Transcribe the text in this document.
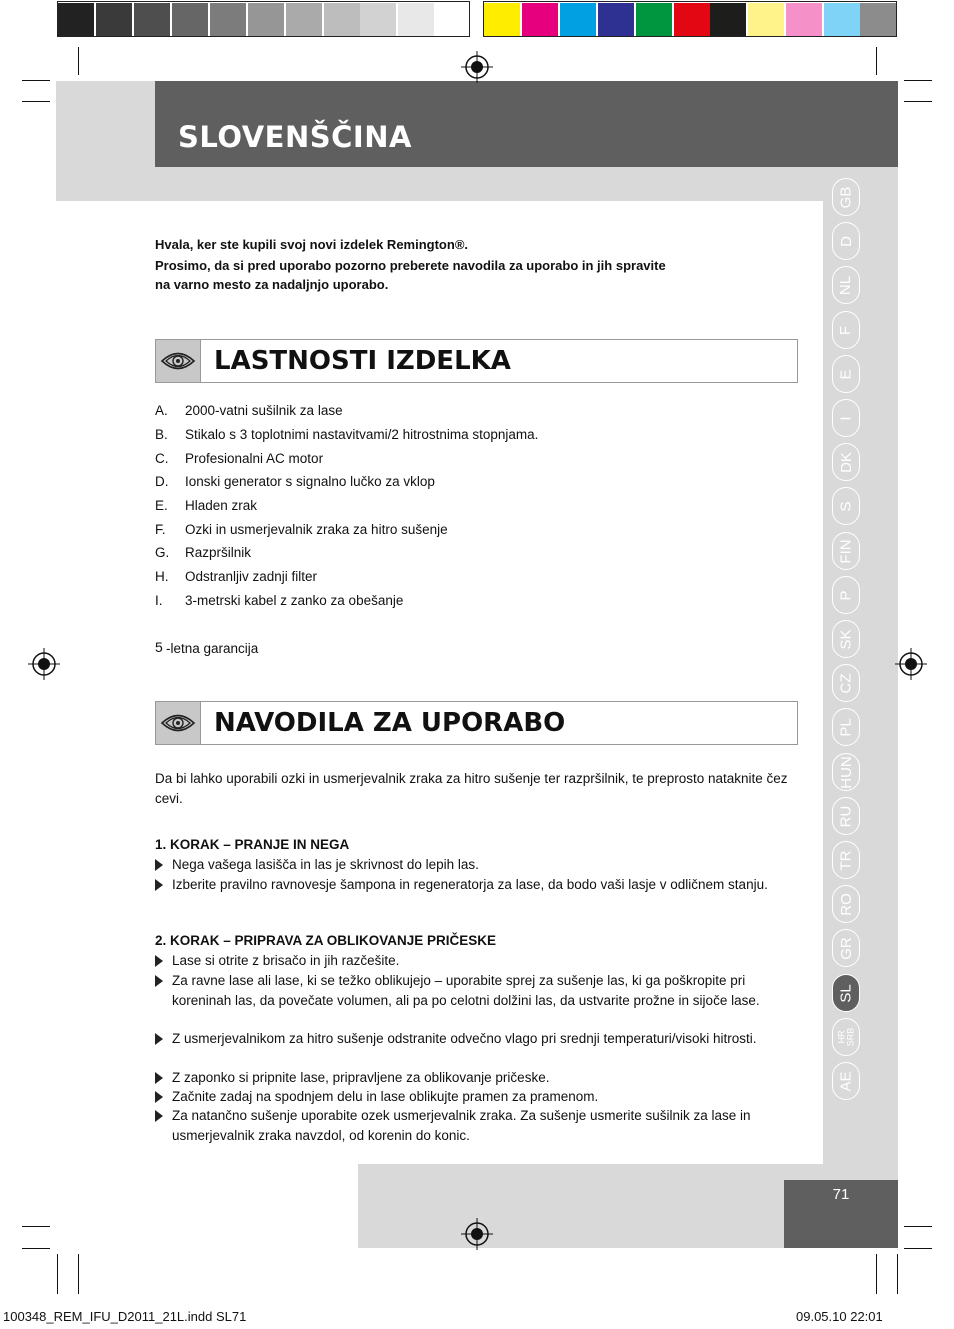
SLOVENŠČINA
71
Hvala, ker ste kupili svoj novi izdelek Remington®.
Prosimo, da si pred uporabo pozorno preberete navodila za uporabo in jih spravite
na varno mesto za nadaljnjo uporabo.
LASTNOSTI IZDELKA
5 -letna garancija
NAVODILA ZA UPORABO
Da bi lahko uporabili ozki in usmerjevalnik zraka za hitro sušenje ter razpršilnik, te preprosto nataknite čez cevi.
1. KORAK – PRANJE IN NEGA
2. KORAK – PRIPRAVA ZA OBLIKOVANJE PRIČESKE
100348_REM_IFU_D2011_21L.indd SL71	09.05.10 22:01
GB
D
NL
F
E
I
DK
S
FIN
P
SK
CZ
PL
HUN
RU
TR
RO
GR
SL
HR
SRB
AE
A. 2000-vatni sušilnik za lase
B. Stikalo s 3 toplotnimi nastavitvami/2 hitrostnima stopnjama.
C. Profesionalni AC motor
D. Ionski generator s signalno lučko za vklop
E. Hladen zrak
F. Ozki in usmerjevalnik zraka za hitro sušenje
G. Razpršilnik
H. Odstranljiv zadnji filter
I. 3-metrski kabel z zanko za obešanje
Nega vašega lasišča in las je skrivnost do lepih las.
Izberite pravilno ravnovesje šampona in regeneratorja za lase, da bodo vaši lasje v odličnem stanju.
Lase si otrite z brisačo in jih razčešite.
Za ravne lase ali lase, ki se težko oblikujejo – uporabite sprej za sušenje las, ki ga poškropite pri koreninah las, da povečate volumen, ali pa po celotni dolžini las, da ustvarite prožne in sijoče lase.
Z usmerjevalnikom za hitro sušenje odstranite odvečno vlago pri srednji temperaturi/visoki hitrosti.
Z zaponko si pripnite lase, pripravljene za oblikovanje pričeske.
Začnite zadaj na spodnjem delu in lase oblikujte pramen za pramenom.
Za natančno sušenje uporabite ozek usmerjevalnik zraka. Za sušenje usmerite sušilnik za lase in usmerjevalnik zraka navzdol, od korenin do konic.
